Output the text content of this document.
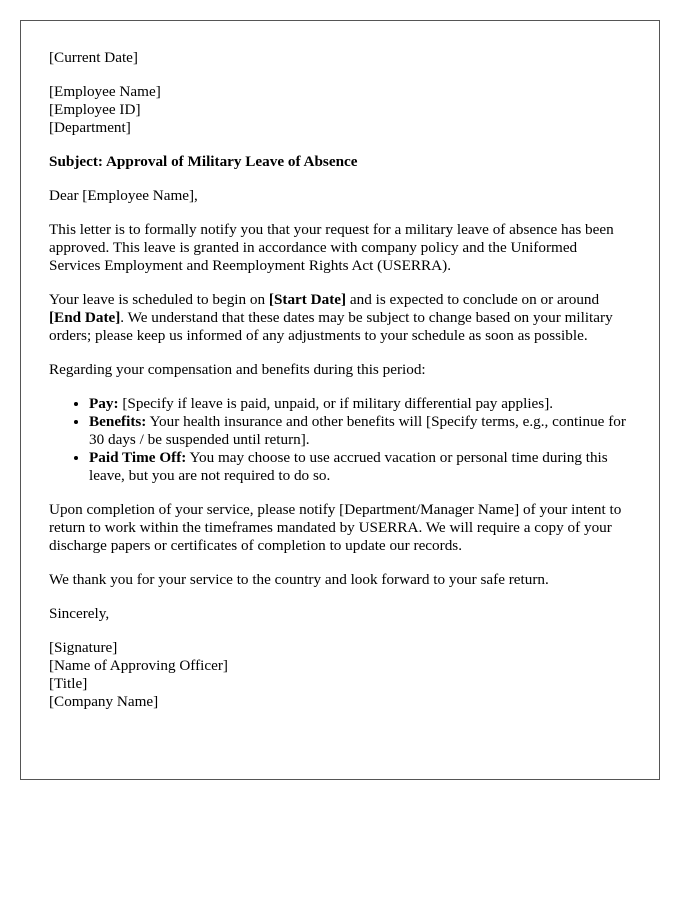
[Current Date]
[Employee Name]
[Employee ID]
[Department]

Subject: Approval of Military Leave of Absence

Dear [Employee Name],

This letter is to formally notify you that your request for a military leave of absence has been approved. This leave is granted in accordance with company policy and the Uniformed Services Employment and Reemployment Rights Act (USERRA).

Your leave is scheduled to begin on [Start Date] and is expected to conclude on or around [End Date]. We understand that these dates may be subject to change based on your military orders; please keep us informed of any adjustments to your schedule as soon as possible.

Regarding your compensation and benefits during this period:

• Pay: [Specify if leave is paid, unpaid, or if military differential pay applies].
• Benefits: Your health insurance and other benefits will [Specify terms, e.g., continue for 30 days / be suspended until return].
• Paid Time Off: You may choose to use accrued vacation or personal time during this leave, but you are not required to do so.

Upon completion of your service, please notify [Department/Manager Name] of your intent to return to work within the timeframes mandated by USERRA. We will require a copy of your discharge papers or certificates of completion to update our records.

We thank you for your service to the country and look forward to your safe return.

Sincerely,

[Signature]
[Name of Approving Officer]
[Title]
[Company Name]
